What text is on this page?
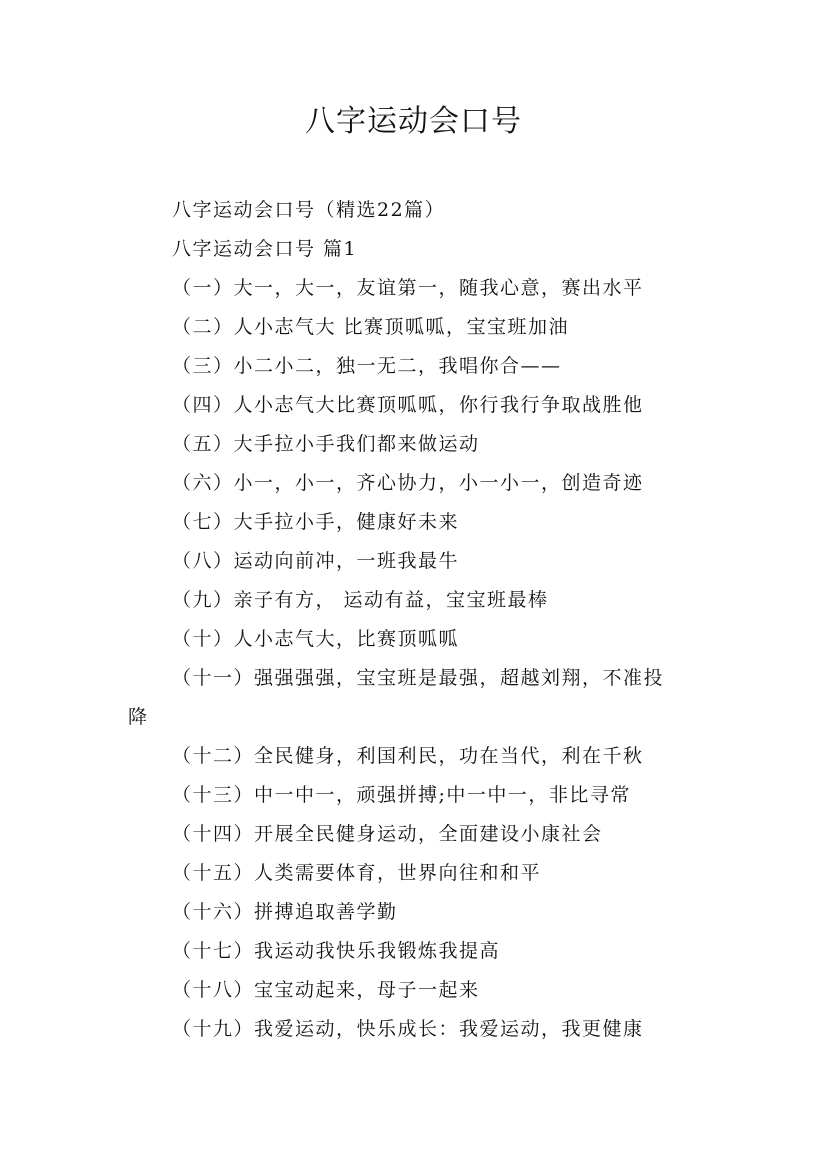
八字运动会口号
八字运动会口号（精选22篇）
八字运动会口号 篇1
（一）大一，大一，友谊第一，随我心意，赛出水平
（二）人小志气大 比赛顶呱呱，宝宝班加油
（三）小二小二，独一无二，我唱你合——
（四）人小志气大比赛顶呱呱，你行我行争取战胜他
（五）大手拉小手我们都来做运动
（六）小一，小一，齐心协力，小一小一，创造奇迹
（七）大手拉小手，健康好未来
（八）运动向前冲，一班我最牛
（九）亲子有方， 运动有益，宝宝班最棒
（十）人小志气大，比赛顶呱呱
（十一）强强强强，宝宝班是最强，超越刘翔，不准投
降
（十二）全民健身，利国利民，功在当代，利在千秋
（十三）中一中一，顽强拼搏;中一中一，非比寻常
（十四）开展全民健身运动，全面建设小康社会
（十五）人类需要体育，世界向往和和平
（十六）拼搏追取善学勤
（十七）我运动我快乐我锻炼我提高
（十八）宝宝动起来，母子一起来
（十九）我爱运动，快乐成长：我爱运动，我更健康
